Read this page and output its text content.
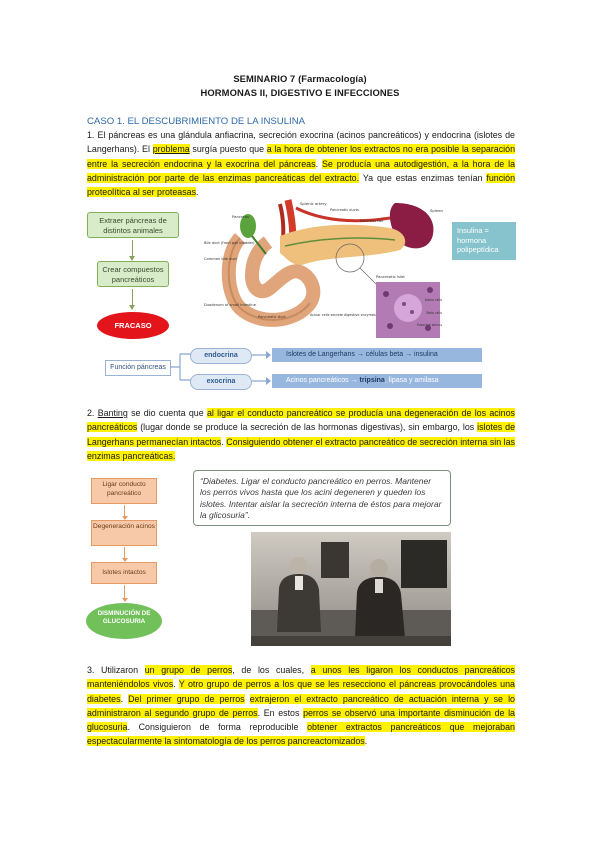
SEMINARIO 7 (Farmacología)
HORMONAS II, DIGESTIVO E INFECCIONES
CASO 1. EL DESCUBRIMIENTO DE LA INSULINA

1. El páncreas es una glándula anfiacrina, secreción exocrina (acinos pancreáticos) y endocrina (islotes de Langerhans). El problema surgía puesto que a la hora de obtener los extractos no era posible la separación entre la secreción endocrina y la exocrina del páncreas. Se producía una autodigestión, a la hora de la administración por parte de las enzimas pancreáticas del extracto. Ya que estas enzimas tenían función proteolítica al ser proteasas.

Extraer páncreas de distintos animales
Crear compuestos pancreáticos
FRACASO
Splenic artery
Pancreas
Pancreatic ducts	Spleen
Pancreas tail
Bile duct (from gall bladder)
Common bile duct
Duodenum of small intestine
Pancreatic duct	Acinar cells secrete digestive enzymes
Pancreatic islet
Alpha cells
Beta cells
Exocrine acinus
Insulina = hormona polipeptídica
Función páncreas
endocrina
exocrina
Islotes de Langerhans → células beta → insulina
Acinos pancreáticos → tripsina, lipasa y amilasa

2. Banting se dio cuenta que al ligar el conducto pancreático se producía una degeneración de los acinos pancreáticos (lugar donde se produce la secreción de las hormonas digestivas), sin embargo, los islotes de Langerhans permanecían intactos. Consiguiendo obtener el extracto pancreático de secreción interna sin las enzimas pancreáticas.

Ligar conducto pancreático
Degeneración acinos
Islotes intactos
DISMINUCIÓN DE GLUCOSURIA
“Diabetes. Ligar el conducto pancreático en perros. Mantener los perros vivos hasta que los acini degeneren y queden los islotes. Intentar aislar la secreción interna de éstos para mejorar la glicosuria”.

3. Utilizaron un grupo de perros, de los cuales, a unos les ligaron los conductos pancreáticos manteniéndolos vivos. Y otro grupo de perros a los que se les resecciono el páncreas provocándoles una diabetes. Del primer grupo de perros extrajeron el extracto pancreático de actuación interna y se lo administraron al segundo grupo de perros. En estos perros se observó una importante disminución de la glucosuria. Consiguieron de forma reproducible obtener extractos pancreáticos que mejoraban espectacularmente la sintomatología de los perros pancreactomizados.
